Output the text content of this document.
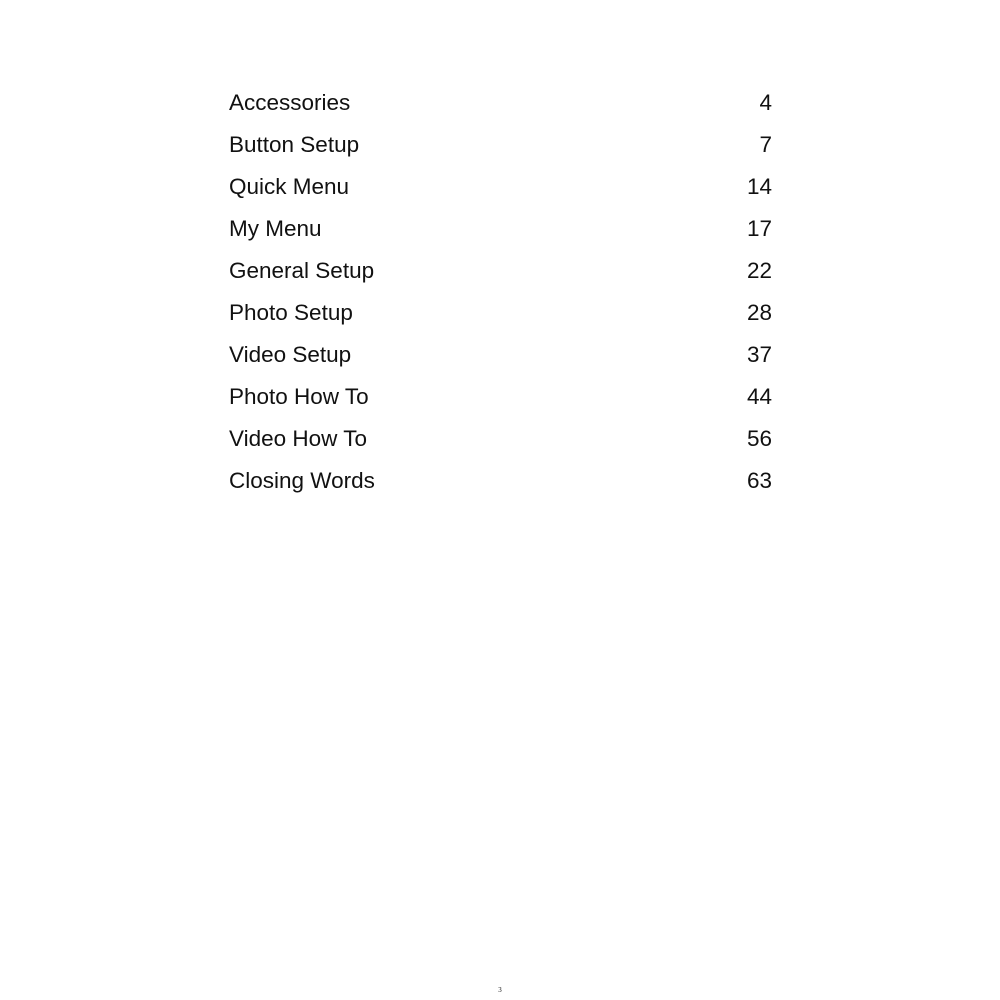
Accessories	4
Button Setup	7
Quick Menu	14
My Menu	17
General Setup	22
Photo Setup	28
Video Setup	37
Photo How To	44
Video How To	56
Closing Words	63
3
